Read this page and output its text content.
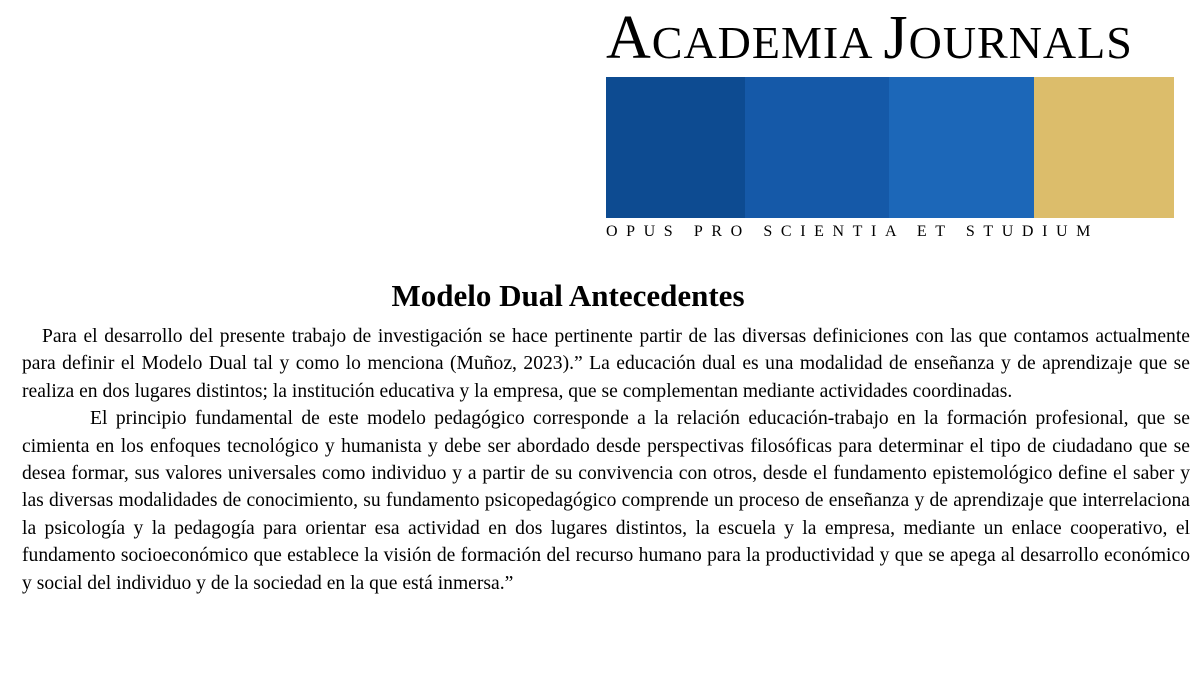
ACADEMIA JOURNALS
OPUS PRO SCIENTIA ET STUDIUM
Modelo Dual Antecedentes

Para el desarrollo del presente trabajo de investigación se hace pertinente partir de las diversas definiciones con las que contamos actualmente para definir el Modelo Dual tal y como lo menciona (Muñoz, 2023).” La educación dual es una modalidad de enseñanza y de aprendizaje que se realiza en dos lugares distintos; la institución educativa y la empresa, que se complementan mediante actividades coordinadas.

El principio fundamental de este modelo pedagógico corresponde a la relación educación-trabajo en la formación profesional, que se cimienta en los enfoques tecnológico y humanista y debe ser abordado desde perspectivas filosóficas para determinar el tipo de ciudadano que se desea formar, sus valores universales como individuo y a partir de su convivencia con otros, desde el fundamento epistemológico define el saber y las diversas modalidades de conocimiento, su fundamento psicopedagógico comprende un proceso de enseñanza y de aprendizaje que interrelaciona la psicología y la pedagogía para orientar esa actividad en dos lugares distintos, la escuela y la empresa, mediante un enlace cooperativo, el fundamento socioeconómico que establece la visión de formación del recurso humano para la productividad y que se apega al desarrollo económico y social del individuo y de la sociedad en la que está inmersa.”
